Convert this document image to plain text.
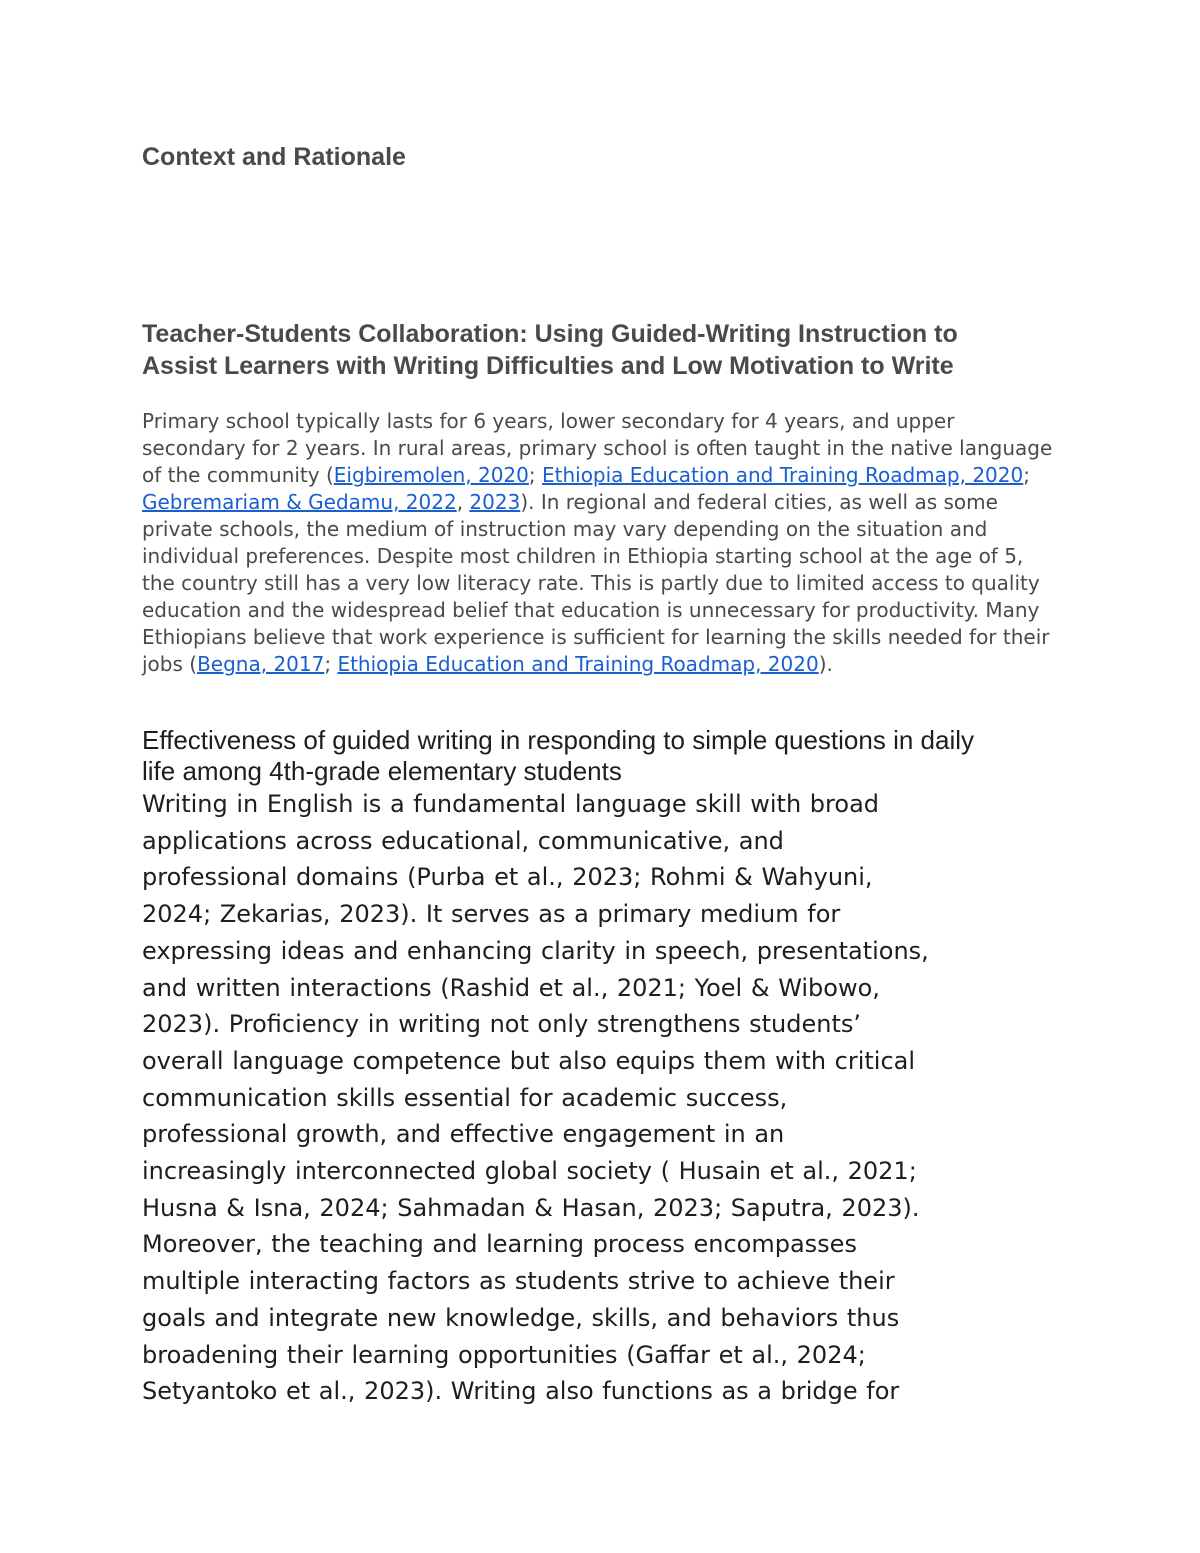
Context and Rationale
Teacher-Students Collaboration: Using Guided-Writing Instruction to
Assist Learners with Writing Difficulties and Low Motivation to Write

Primary school typically lasts for 6 years, lower secondary for 4 years, and upper secondary for 2 years. In rural areas, primary school is often taught in the native language of the community (Eigbiremolen, 2020; Ethiopia Education and Training Roadmap, 2020; Gebremariam & Gedamu, 2022, 2023). In regional and federal cities, as well as some private schools, the medium of instruction may vary depending on the situation and individual preferences. Despite most children in Ethiopia starting school at the age of 5, the country still has a very low literacy rate. This is partly due to limited access to quality education and the widespread belief that education is unnecessary for productivity. Many Ethiopians believe that work experience is sufficient for learning the skills needed for their jobs (Begna, 2017; Ethiopia Education and Training Roadmap, 2020).

Effectiveness of guided writing in responding to simple questions in daily
life among 4th-grade elementary students

Writing in English is a fundamental language skill with broad
applications across educational, communicative, and
professional domains (Purba et al., 2023; Rohmi & Wahyuni,
2024; Zekarias, 2023). It serves as a primary medium for
expressing ideas and enhancing clarity in speech, presentations,
and written interactions (Rashid et al., 2021; Yoel & Wibowo,
2023). Proficiency in writing not only strengthens students’
overall language competence but also equips them with critical
communication skills essential for academic success,
professional growth, and effective engagement in an
increasingly interconnected global society ( Husain et al., 2021;
Husna & Isna, 2024; Sahmadan & Hasan, 2023; Saputra, 2023).
Moreover, the teaching and learning process encompasses
multiple interacting factors as students strive to achieve their
goals and integrate new knowledge, skills, and behaviors thus
broadening their learning opportunities (Gaffar et al., 2024;
Setyantoko et al., 2023). Writing also functions as a bridge for
